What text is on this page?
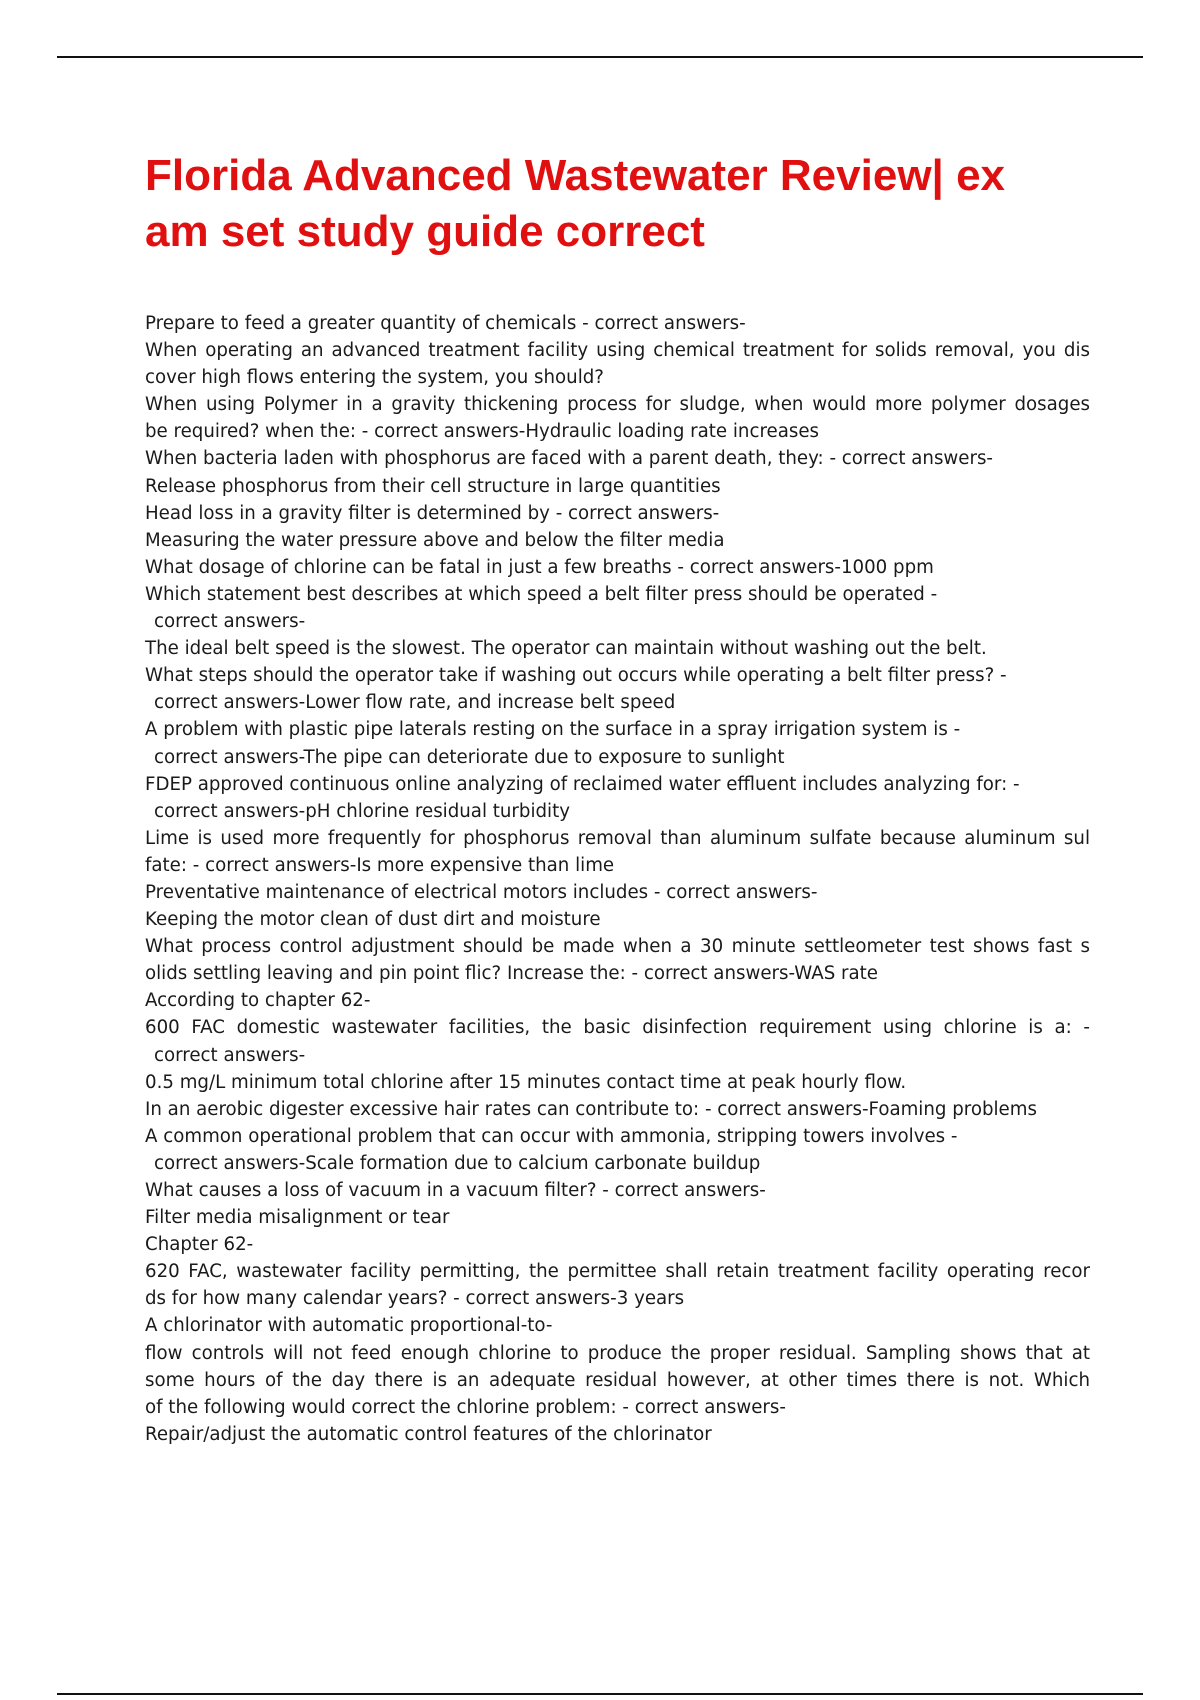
Florida Advanced Wastewater Review| ex
am set study guide correct
Prepare to feed a greater quantity of chemicals - correct answers-
When operating an advanced treatment facility using chemical treatment for solids removal, you dis
cover high flows entering the system, you should?
When using Polymer in a gravity thickening process for sludge, when would more polymer dosages
be required? when the: - correct answers-Hydraulic loading rate increases
When bacteria laden with phosphorus are faced with a parent death, they: - correct answers-
Release phosphorus from their cell structure in large quantities
Head loss in a gravity filter is determined by - correct answers-
Measuring the water pressure above and below the filter media
What dosage of chlorine can be fatal in just a few breaths - correct answers-1000 ppm
Which statement best describes at which speed a belt filter press should be operated -
correct answers-
The ideal belt speed is the slowest. The operator can maintain without washing out the belt.
What steps should the operator take if washing out occurs while operating a belt filter press? -
correct answers-Lower flow rate, and increase belt speed
A problem with plastic pipe laterals resting on the surface in a spray irrigation system is -
correct answers-The pipe can deteriorate due to exposure to sunlight
FDEP approved continuous online analyzing of reclaimed water effluent includes analyzing for: -
correct answers-pH chlorine residual turbidity
Lime is used more frequently for phosphorus removal than aluminum sulfate because aluminum sul
fate: - correct answers-Is more expensive than lime
Preventative maintenance of electrical motors includes - correct answers-
Keeping the motor clean of dust dirt and moisture
What process control adjustment should be made when a 30 minute settleometer test shows fast s
olids settling leaving and pin point flic? Increase the: - correct answers-WAS rate
According to chapter 62-
600 FAC domestic wastewater facilities, the basic disinfection requirement using chlorine is a: -
correct answers-
0.5 mg/L minimum total chlorine after 15 minutes contact time at peak hourly flow.
In an aerobic digester excessive hair rates can contribute to: - correct answers-Foaming problems
A common operational problem that can occur with ammonia, stripping towers involves -
correct answers-Scale formation due to calcium carbonate buildup
What causes a loss of vacuum in a vacuum filter? - correct answers-
Filter media misalignment or tear
Chapter 62-
620 FAC, wastewater facility permitting, the permittee shall retain treatment facility operating recor
ds for how many calendar years? - correct answers-3 years
A chlorinator with automatic proportional-to-
flow controls will not feed enough chlorine to produce the proper residual. Sampling shows that at
some hours of the day there is an adequate residual however, at other times there is not. Which
of the following would correct the chlorine problem: - correct answers-
Repair/adjust the automatic control features of the chlorinator
